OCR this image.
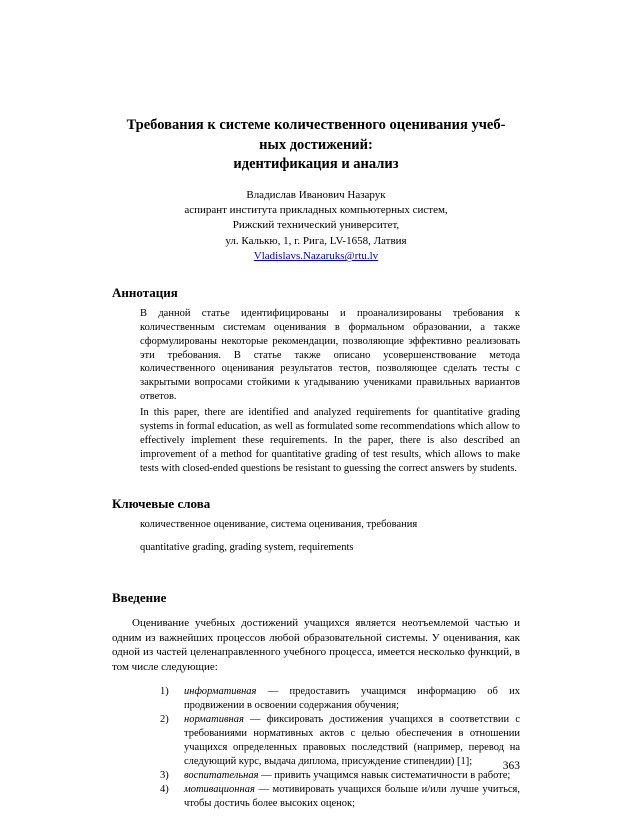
Требования к системе количественного оценивания учеб-
ных достижений:
идентификация и анализ
Владислав Иванович Назарук
аспирант института прикладных компьютерных систем,
Рижский технический университет,
ул. Калькю, 1, г. Рига, LV-1658, Латвия
Vladislavs.Nazaruks@rtu.lv
Аннотация

В данной статье идентифицированы и проанализированы требования к количественным системам оценивания в формальном образовании, а также сформулированы некоторые рекомендации, позволяющие эффективно реализовать эти требования. В статье также описано усовершенствование метода количественного оценивания результатов тестов, позволяющее сделать тесты с закрытыми вопросами стойкими к угадыванию учениками правильных вариантов ответов.

In this paper, there are identified and analyzed requirements for quantitative grading systems in formal education, as well as formulated some recommendations which allow to effectively implement these requirements. In the paper, there is also described an improvement of a method for quantitative grading of test results, which allows to make tests with closed-ended questions be resistant to guessing the correct answers by students.

Ключевые слова
количественное оценивание, система оценивания, требования
quantitative grading, grading system, requirements
Введение

Оценивание учебных достижений учащихся является неотъемлемой частью и одним из важнейших процессов любой образовательной системы. У оценивания, как одной из частей целенаправленного учебного процесса, имеется несколько функций, в том числе следующие:

1) информативная — предоставить учащимся информацию об их продвижении в освоении содержания обучения;
2) нормативная — фиксировать достижения учащихся в соответствии с требованиями нормативных актов с целью обеспечения в отношении учащихся определенных правовых последствий (например, перевод на следующий курс, выдача диплома, присуждение стипендии) [1];
3) воспитательная — привить учащимся навык систематичности в работе;
4) мотивационная — мотивировать учащихся больше и/или лучше учиться, чтобы достичь более высоких оценок;
363
